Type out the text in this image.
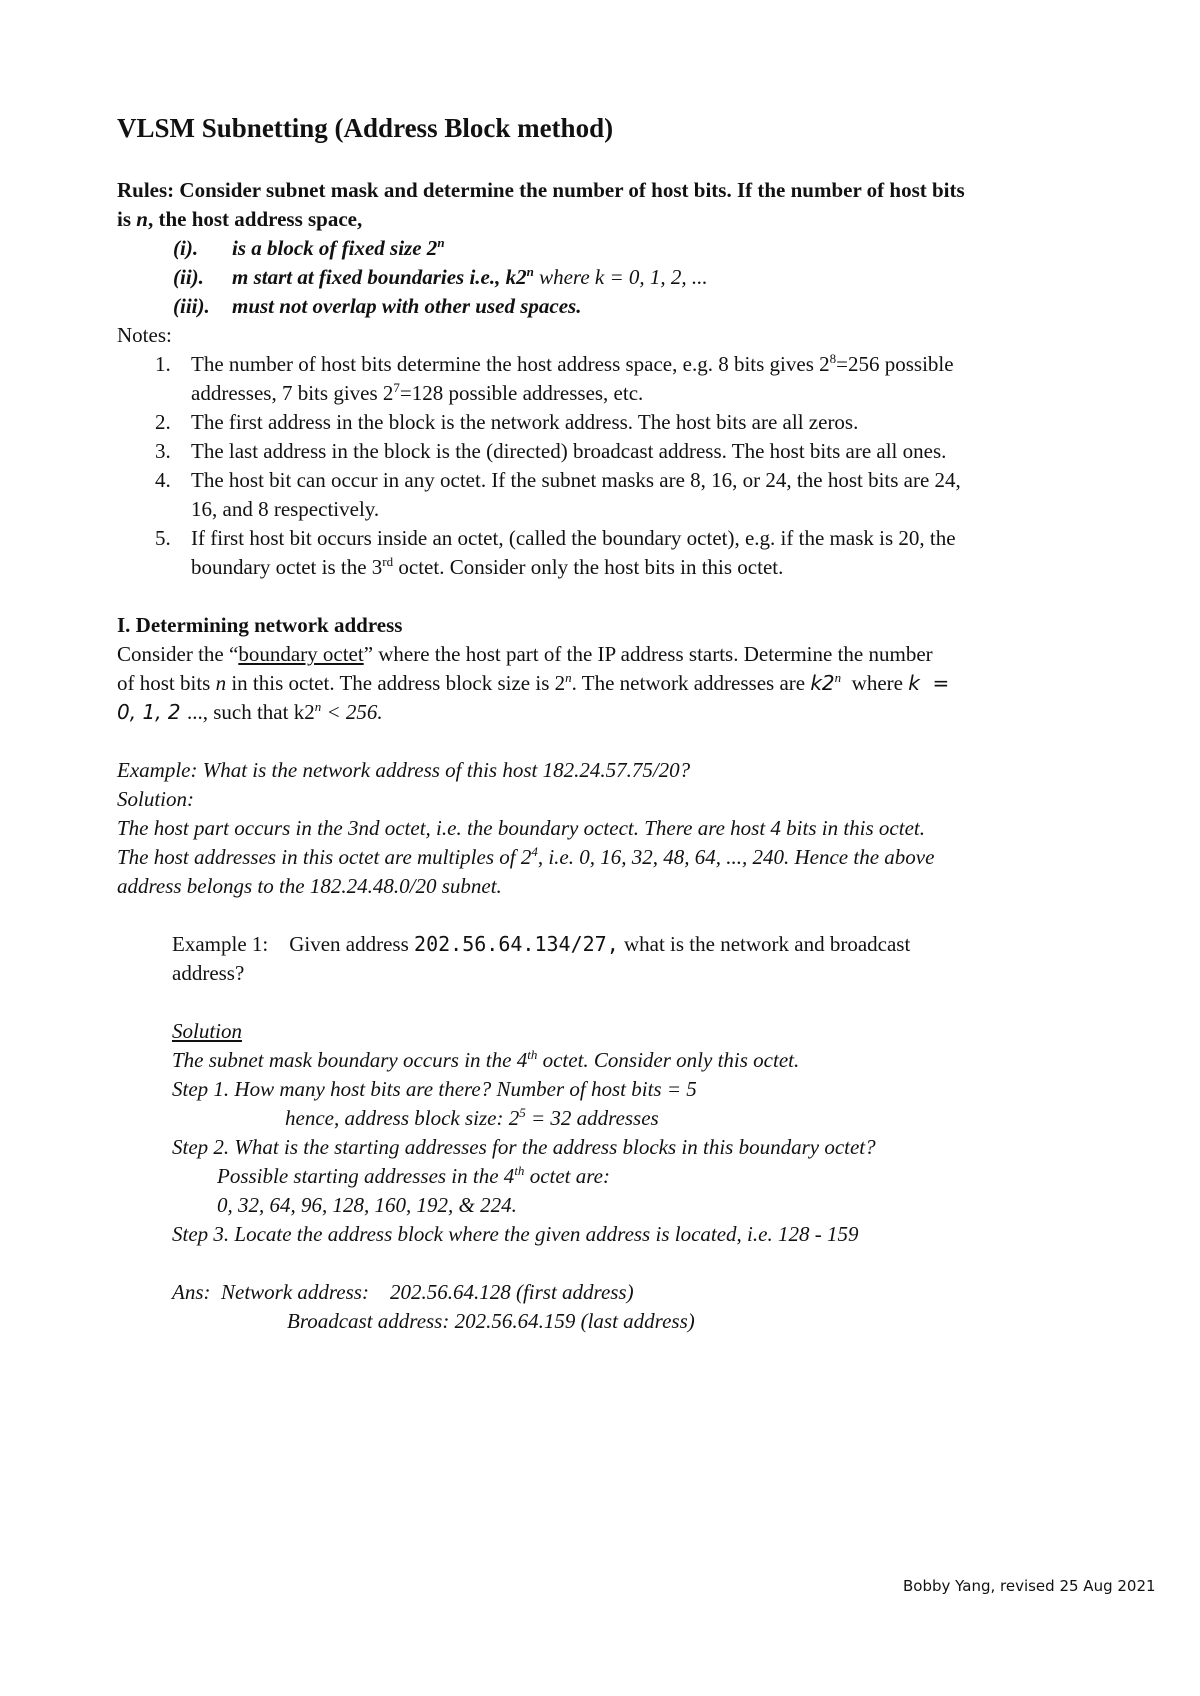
VLSM Subnetting (Address Block method)
Rules: Consider subnet mask and determine the number of host bits. If the number of host bits
is n, the host address space,
(i). is a block of fixed size 2$^n$
(ii). m start at fixed boundaries i.e., k2$^n$ where k = 0, 1, 2, ...
(iii). must not overlap with other used spaces.
Notes:
1. The number of host bits determine the host address space, e.g. 8 bits gives $2^8=256$ possible
addresses, 7 bits gives $2^7=128$ possible addresses, etc.
2. The first address in the block is the network address. The host bits are all zeros.
3. The last address in the block is the (directed) broadcast address. The host bits are all ones.
4. The host bit can occur in any octet. If the subnet masks are 8, 16, or 24, the host bits are 24,
16, and 8 respectively.
5. If first host bit occurs inside an octet, (called the boundary octet), e.g. if the mask is 20, the
boundary octet is the 3rd octet. Consider only the host bits in this octet.
I. Determining network address
Consider the “boundary octet” where the host part of the IP address starts. Determine the number
of host bits n in this octet. The address block size is 2$^n$. The network addresses are k2$^n$  where k  =
0, 1, 2 ..., such that $k2^n < 256$.
Example: What is the network address of this host 182.24.57.75/20?
Solution:
The host part occurs in the 3nd octet, i.e. the boundary octect. There are host 4 bits in this octet.
The host addresses in this octet are multiples of $2^4$, i.e. 0, 16, 32, 48, 64, ..., 240. Hence the above
address belongs to the 182.24.48.0/20 subnet.
Example 1:    Given address 202.56.64.134/27, what is the network and broadcast
address?
Solution
The subnet mask boundary occurs in the 4th octet. Consider only this octet.
Step 1. How many host bits are there? Number of host bits = 5
hence, address block size: $2^5 = 32$ addresses
Step 2. What is the starting addresses for the address blocks in this boundary octet?
Possible starting addresses in the 4th octet are:
0, 32, 64, 96, 128, 160, 192, & 224.
Step 3. Locate the address block where the given address is located, i.e. 128 - 159
Ans:  Network address:    202.56.64.128 (first address)
Broadcast address: 202.56.64.159 (last address)
Bobby Yang, revised 25 Aug 2021
